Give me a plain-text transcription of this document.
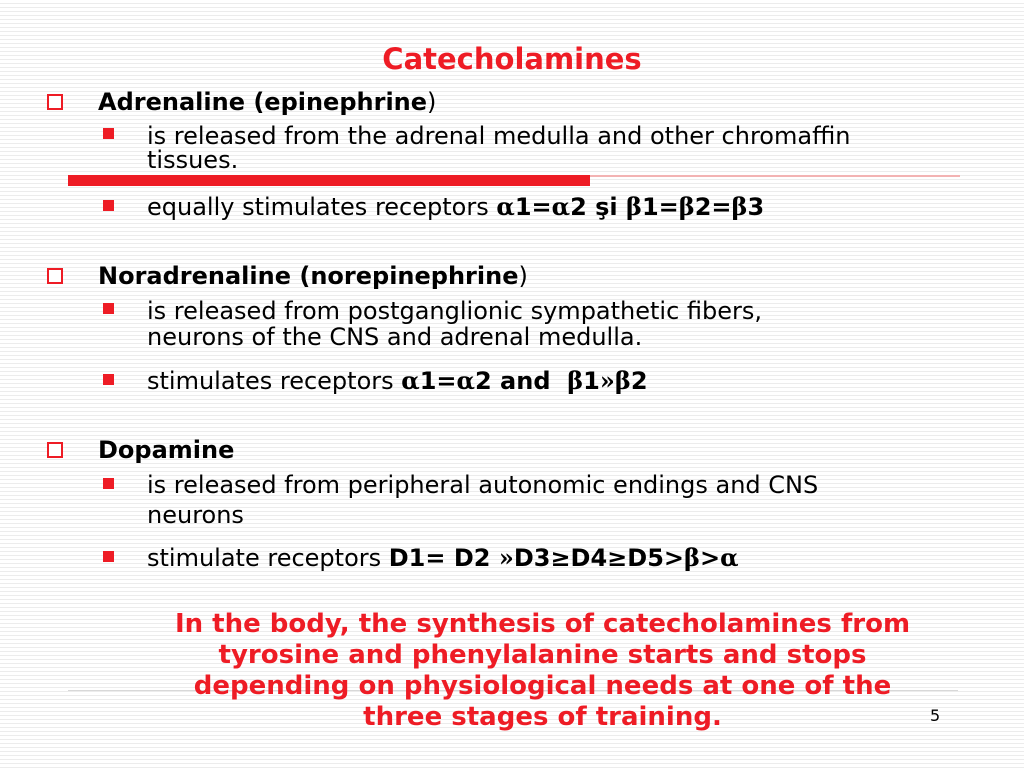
Catecholamines
Adrenaline (epinephrine)
is released from the adrenal medulla and other chromaffin
tissues.
equally stimulates receptors α1=α2 şi β1=β2=β3
Noradrenaline (norepinephrine)
is released from postganglionic sympathetic fibers,
neurons of the CNS and adrenal medulla.
stimulates receptors α1=α2 and  β1»β2
Dopamine
is released from peripheral autonomic endings and CNS
neurons
stimulate receptors D1= D2 »D3≥D4≥D5>β>α
In the body, the synthesis of catecholamines from
tyrosine and phenylalanine starts and stops
depending on physiological needs at one of the
three stages of training.	5
